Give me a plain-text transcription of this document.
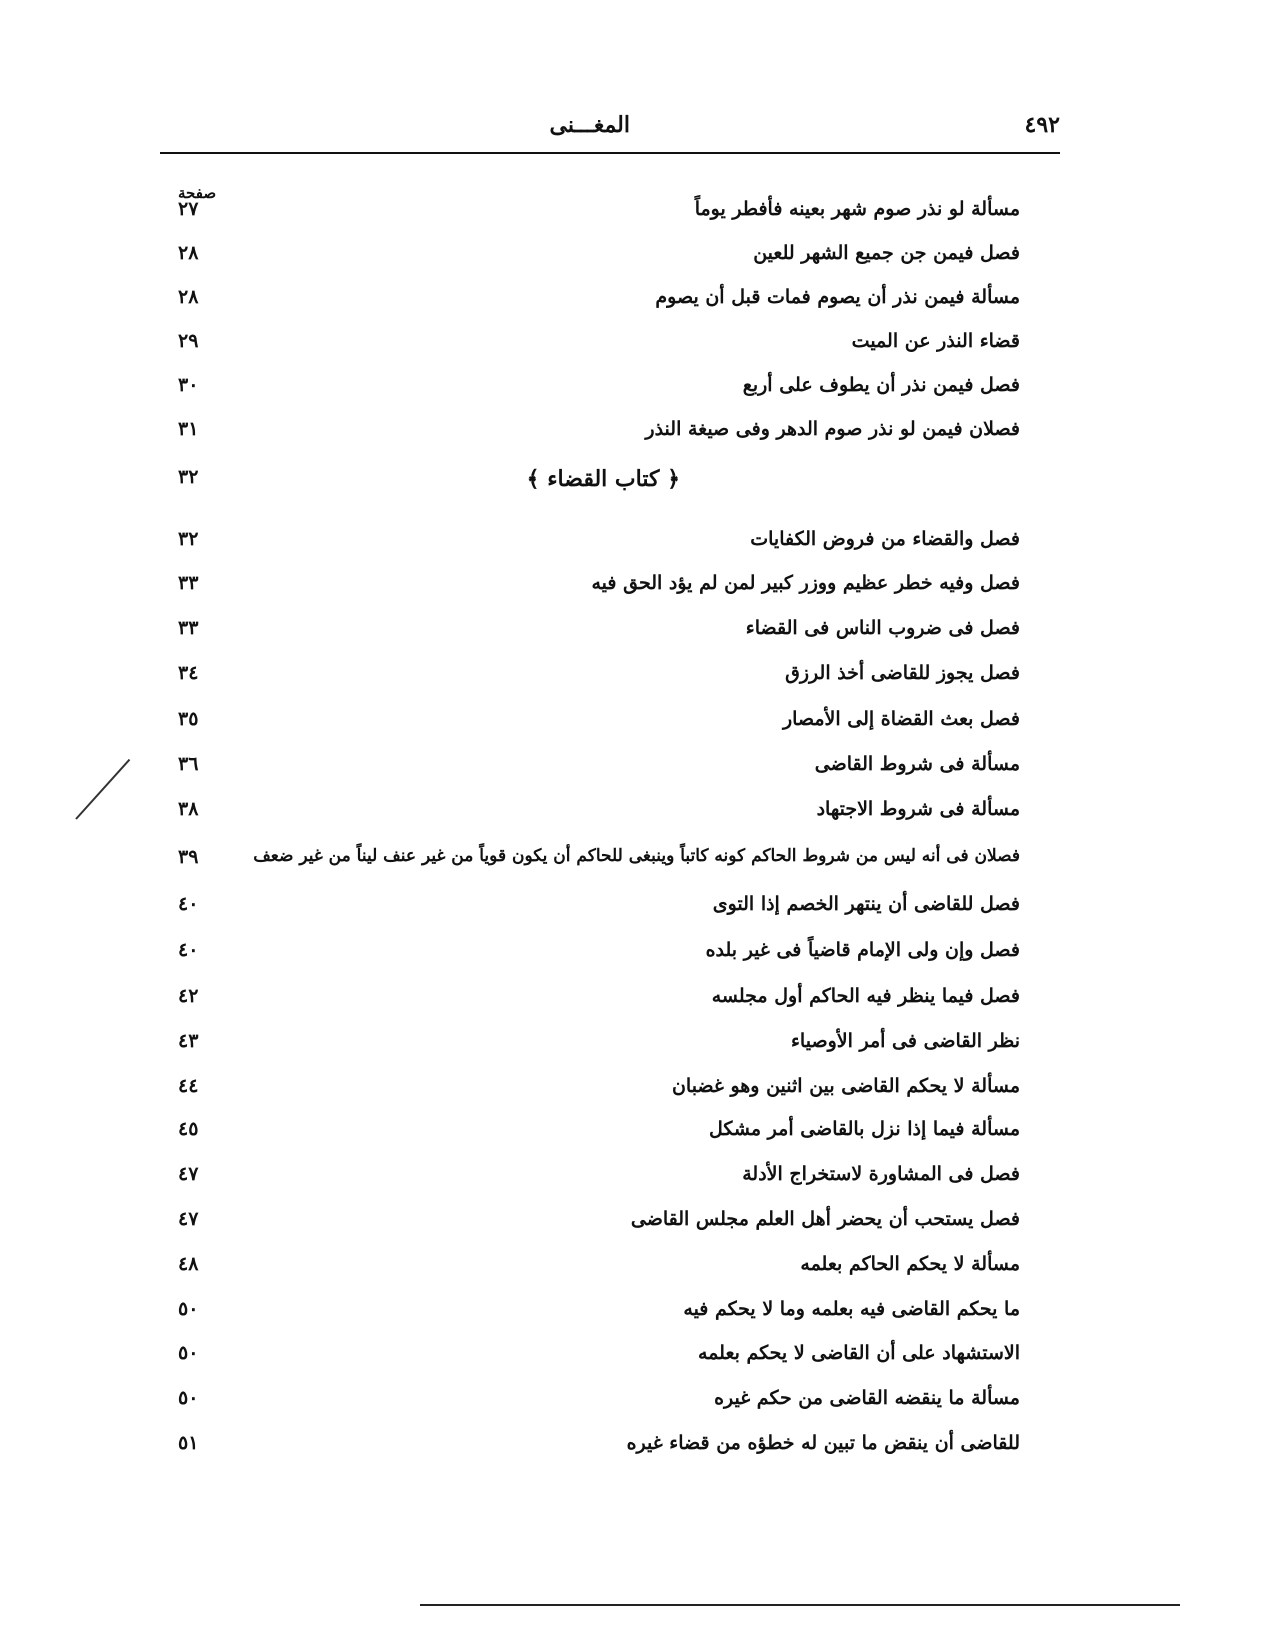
٤٩٢
المغـــنى
صفحة
مسألة لو نذر صوم شهر بعينه فأفطر يوماً
٢٧
فصل فيمن جن جميع الشهر للعين
٢٨
مسألة فيمن نذر أن يصوم فمات قبل أن يصوم
٢٨
قضاء النذر عن الميت
٢٩
فصل فيمن نذر أن يطوف على أربع
٣٠
فصلان فيمن لو نذر صوم الدهر وفى صيغة النذر
٣١
﴿ كتاب القضاء ﴾
٣٢
فصل والقضاء من فروض الكفايات
٣٢
فصل وفيه خطر عظيم ووزر كبير لمن لم يؤد الحق فيه
٣٣
فصل فى ضروب الناس فى القضاء
٣٣
فصل يجوز للقاضى أخذ الرزق
٣٤
فصل بعث القضاة إلى الأمصار
٣٥
مسألة فى شروط القاضى
٣٦
مسألة فى شروط الاجتهاد
٣٨
فصلان فى أنه ليس من شروط الحاكم كونه كاتباً وينبغى للحاكم أن يكون قوياً من غير عنف ليناً من غير ضعف
٣٩
فصل للقاضى أن ينتهر الخصم إذا التوى
٤٠
فصل وإن ولى الإمام قاضياً فى غير بلده
٤٠
فصل فيما ينظر فيه الحاكم أول مجلسه
٤٢
نظر القاضى فى أمر الأوصياء
٤٣
مسألة لا يحكم القاضى بين اثنين وهو غضبان
٤٤
مسألة فيما إذا نزل بالقاضى أمر مشكل
٤٥
فصل فى المشاورة لاستخراج الأدلة
٤٧
فصل يستحب أن يحضر أهل العلم مجلس القاضى
٤٧
مسألة لا يحكم الحاكم بعلمه
٤٨
ما يحكم القاضى فيه بعلمه وما لا يحكم فيه
٥٠
الاستشهاد على أن القاضى لا يحكم بعلمه
٥٠
مسألة ما ينقضه القاضى من حكم غيره
٥٠
للقاضى أن ينقض ما تبين له خطؤه من قضاء غيره
٥١
